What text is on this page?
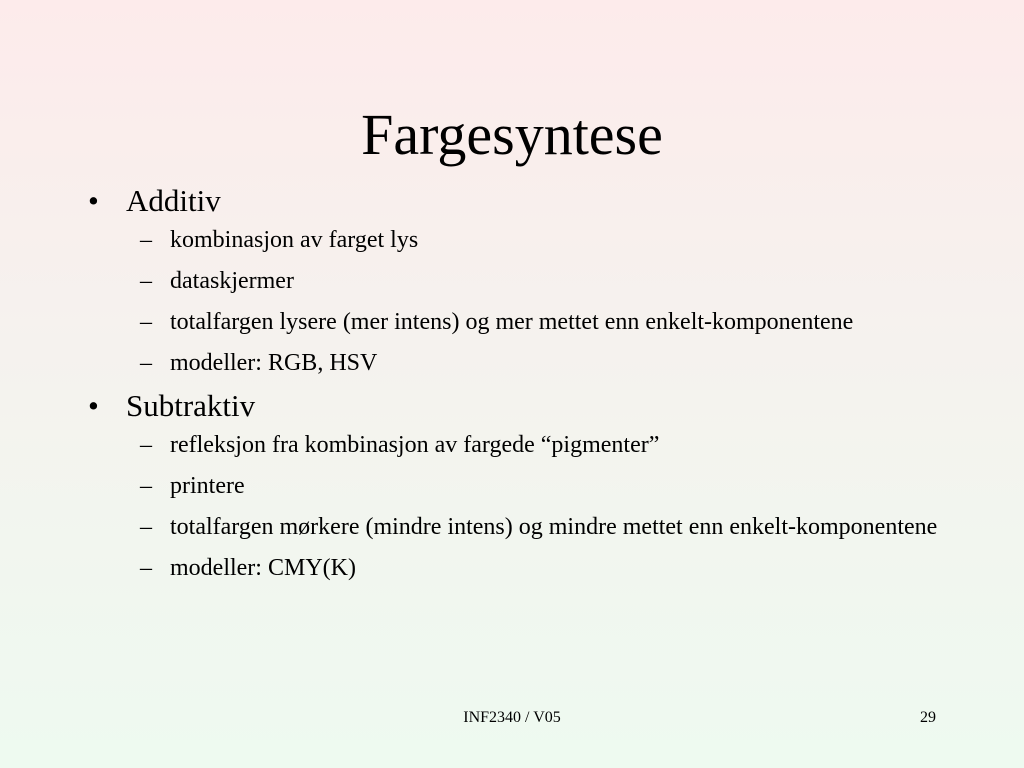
Fargesyntese
• Additiv
– kombinasjon av farget lys
– dataskjermer
– totalfargen lysere (mer intens) og mer mettet enn enkelt-komponentene
– modeller: RGB, HSV
• Subtraktiv
– refleksjon fra kombinasjon av fargede “pigmenter”
– printere
– totalfargen mørkere (mindre intens) og mindre mettet enn enkelt-komponentene
– modeller: CMY(K)
INF2340 / V05	29
